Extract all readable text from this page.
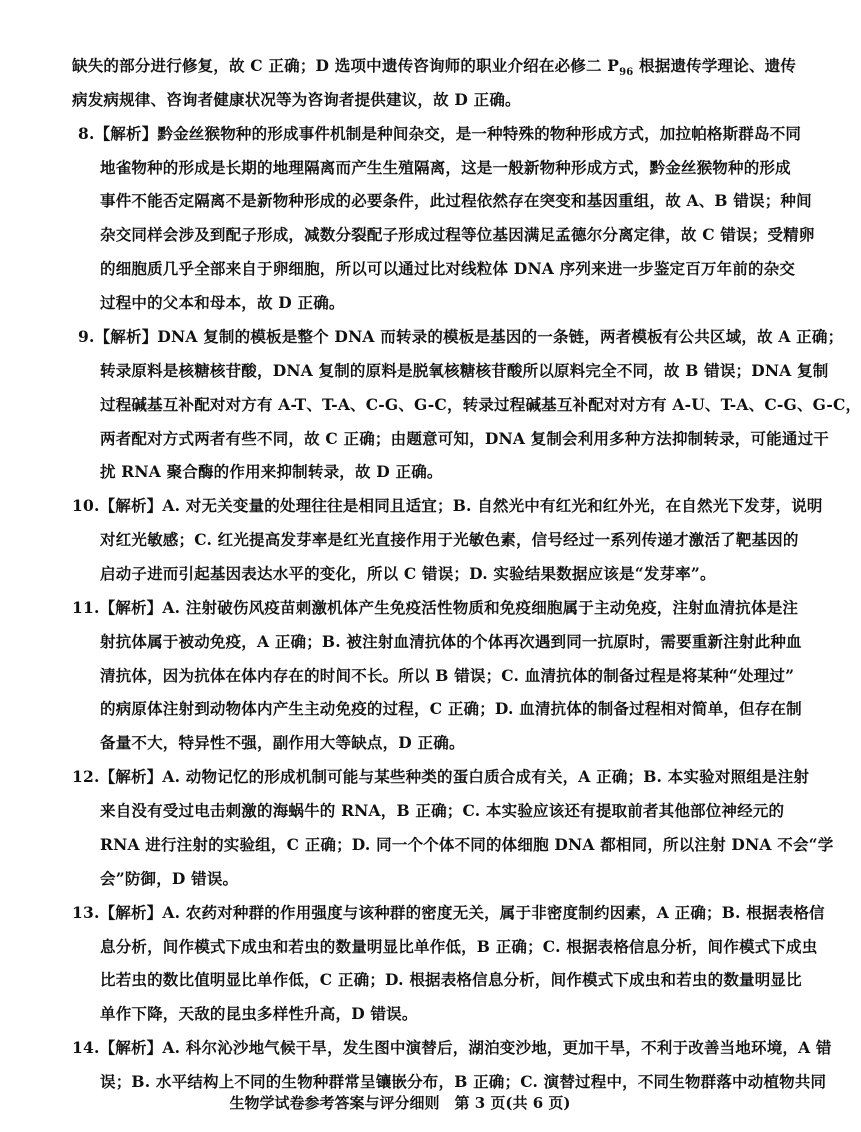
缺失的部分进行修复，故 C 正确；D 选项中遗传咨询师的职业介绍在必修二 $P_{96}$ 根据遗传学理论、遗传
病发病规律、咨询者健康状况等为咨询者提供建议，故 D 正确。
8.【解析】黔金丝猴物种的形成事件机制是种间杂交，是一种特殊的物种形成方式，加拉帕格斯群岛不同
地雀物种的形成是长期的地理隔离而产生生殖隔离，这是一般新物种形成方式，黔金丝猴物种的形成
事件不能否定隔离不是新物种形成的必要条件，此过程依然存在突变和基因重组，故 A、B 错误；种间
杂交同样会涉及到配子形成，减数分裂配子形成过程等位基因满足孟德尔分离定律，故 C 错误；受精卵
的细胞质几乎全部来自于卵细胞，所以可以通过比对线粒体 DNA 序列来进一步鉴定百万年前的杂交
过程中的父本和母本，故 D 正确。
9.【解析】DNA 复制的模板是整个 DNA 而转录的模板是基因的一条链，两者模板有公共区域，故 A 正确；
转录原料是核糖核苷酸，DNA 复制的原料是脱氧核糖核苷酸所以原料完全不同，故 B 错误；DNA 复制
过程碱基互补配对对方有 A-T、T-A、C-G、G-C，转录过程碱基互补配对对方有 A-U、T-A、C-G、G-C，
两者配对方式两者有些不同，故 C 正确；由题意可知，DNA 复制会利用多种方法抑制转录，可能通过干
扰 RNA 聚合酶的作用来抑制转录，故 D 正确。
10.【解析】A. 对无关变量的处理往往是相同且适宜；B. 自然光中有红光和红外光，在自然光下发芽，说明
对红光敏感；C. 红光提高发芽率是红光直接作用于光敏色素，信号经过一系列传递才激活了靶基因的
启动子进而引起基因表达水平的变化，所以 C 错误；D. 实验结果数据应该是“发芽率”。
11.【解析】A. 注射破伤风疫苗刺激机体产生免疫活性物质和免疫细胞属于主动免疫，注射血清抗体是注
射抗体属于被动免疫，A 正确；B. 被注射血清抗体的个体再次遇到同一抗原时，需要重新注射此种血
清抗体，因为抗体在体内存在的时间不长。所以 B 错误；C. 血清抗体的制备过程是将某种“处理过”
的病原体注射到动物体内产生主动免疫的过程，C 正确；D. 血清抗体的制备过程相对简单，但存在制
备量不大，特异性不强，副作用大等缺点，D 正确。
12.【解析】A. 动物记忆的形成机制可能与某些种类的蛋白质合成有关，A 正确；B. 本实验对照组是注射
来自没有受过电击刺激的海蜗牛的 RNA，B 正确；C. 本实验应该还有提取前者其他部位神经元的
RNA 进行注射的实验组，C 正确；D. 同一个个体不同的体细胞 DNA 都相同，所以注射 DNA 不会“学
会”防御，D 错误。
13.【解析】A. 农药对种群的作用强度与该种群的密度无关，属于非密度制约因素，A 正确；B. 根据表格信
息分析，间作模式下成虫和若虫的数量明显比单作低，B 正确；C. 根据表格信息分析，间作模式下成虫
比若虫的数比值明显比单作低，C 正确；D. 根据表格信息分析，间作模式下成虫和若虫的数量明显比
单作下降，天敌的昆虫多样性升高，D 错误。
14.【解析】A. 科尔沁沙地气候干旱，发生图中演替后，湖泊变沙地，更加干旱，不利于改善当地环境，A 错
误；B. 水平结构上不同的生物种群常呈镶嵌分布，B 正确；C. 演替过程中，不同生物群落中动植物共同
生物学试卷参考答案与评分细则　第 3 页(共 6 页)
